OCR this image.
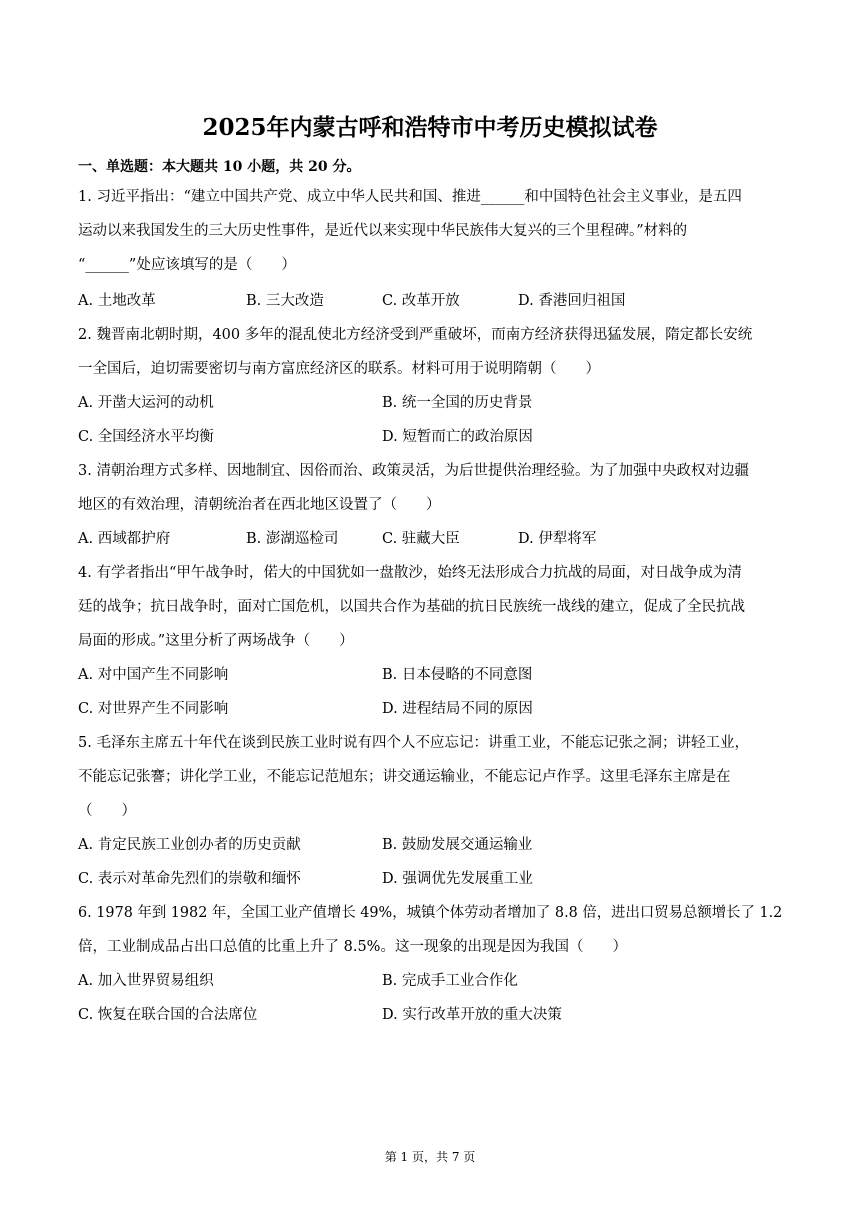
2025年内蒙古呼和浩特市中考历史模拟试卷
一、单选题：本大题共 10 小题，共 20 分。
1. 习近平指出：“建立中国共产党、成立中华人民共和国、推进______和中国特色社会主义事业，是五四
运动以来我国发生的三大历史性事件，是近代以来实现中华民族伟大复兴的三个里程碑。”材料的
“______”处应该填写的是（　　）
A. 土地改革	B. 三大改造	C. 改革开放	D. 香港回归祖国
2. 魏晋南北朝时期，400 多年的混乱使北方经济受到严重破坏，而南方经济获得迅猛发展，隋定都长安统
一全国后，迫切需要密切与南方富庶经济区的联系。材料可用于说明隋朝（　　）
A. 开凿大运河的动机	B. 统一全国的历史背景
C. 全国经济水平均衡	D. 短暂而亡的政治原因
3. 清朝治理方式多样、因地制宜、因俗而治、政策灵活，为后世提供治理经验。为了加强中央政权对边疆
地区的有效治理，清朝统治者在西北地区设置了（　　）
A. 西域都护府	B. 澎湖巡检司	C. 驻藏大臣	D. 伊犁将军
4. 有学者指出“甲午战争时，偌大的中国犹如一盘散沙，始终无法形成合力抗战的局面，对日战争成为清
廷的战争；抗日战争时，面对亡国危机，以国共合作为基础的抗日民族统一战线的建立，促成了全民抗战
局面的形成。”这里分析了两场战争（　　）
A. 对中国产生不同影响	B. 日本侵略的不同意图
C. 对世界产生不同影响	D. 进程结局不同的原因
5. 毛泽东主席五十年代在谈到民族工业时说有四个人不应忘记：讲重工业，不能忘记张之洞；讲轻工业，
不能忘记张謇；讲化学工业，不能忘记范旭东；讲交通运输业，不能忘记卢作孚。这里毛泽东主席是在
（　　）
A. 肯定民族工业创办者的历史贡献	B. 鼓励发展交通运输业
C. 表示对革命先烈们的崇敬和缅怀	D. 强调优先发展重工业
6. 1978 年到 1982 年，全国工业产值增长 49%，城镇个体劳动者增加了 8.8 倍，进出口贸易总额增长了 1.2
倍，工业制成品占出口总值的比重上升了 8.5%。这一现象的出现是因为我国（　　）
A. 加入世界贸易组织	B. 完成手工业合作化
C. 恢复在联合国的合法席位	D. 实行改革开放的重大决策
第 1 页，共 7 页
